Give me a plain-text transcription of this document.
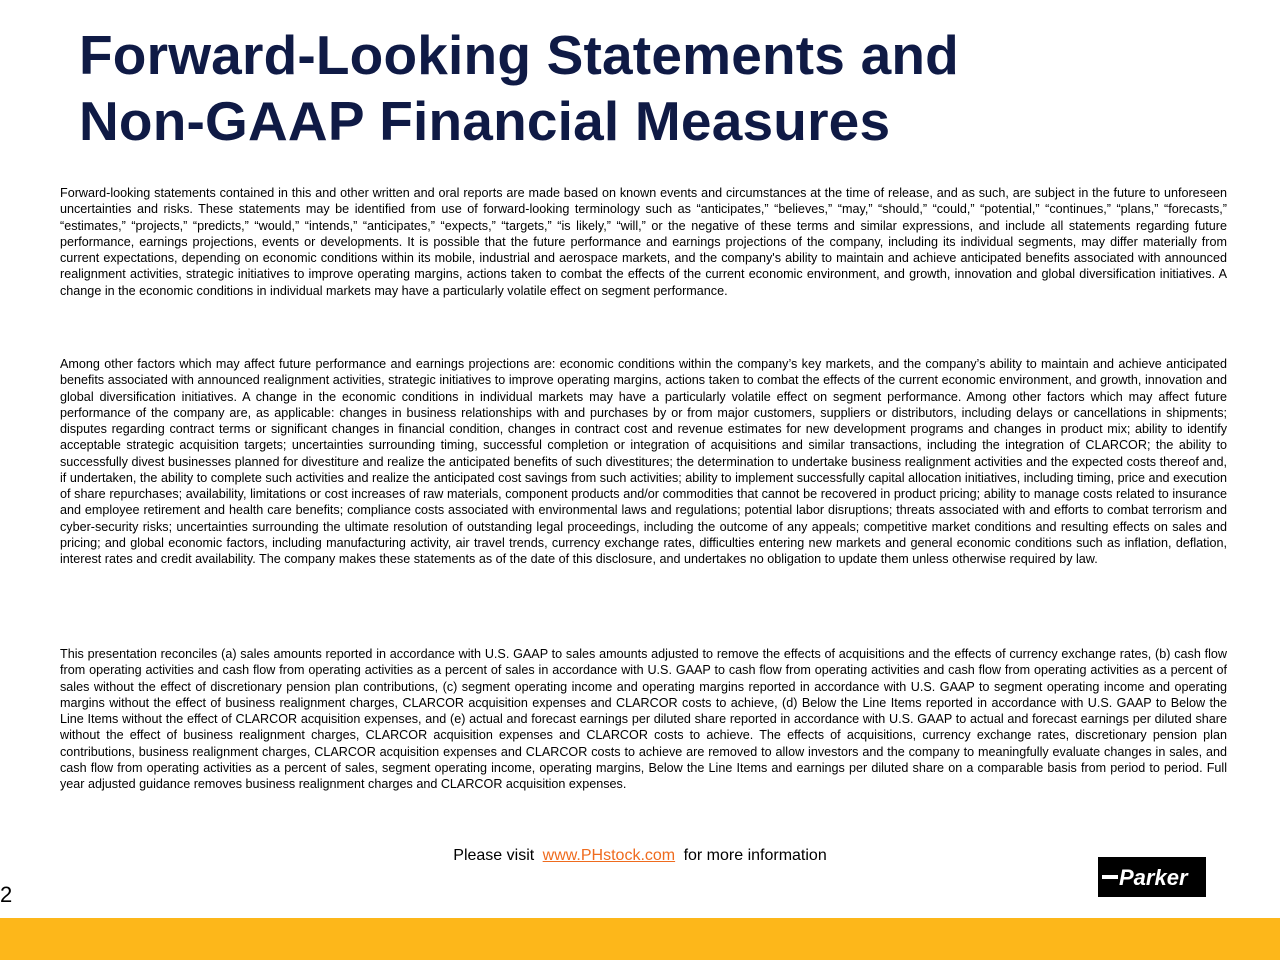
Forward-Looking Statements and
Non-GAAP Financial Measures

Forward-looking statements contained in this and other written and oral reports are made based on known events and circumstances at the time of release, and as such, are subject in the future to unforeseen uncertainties and risks. These statements may be identified from use of forward-looking terminology such as “anticipates,” “believes,” “may,” “should,” “could,” “potential,” “continues,” “plans,” “forecasts,” “estimates,” “projects,” “predicts,” “would,” “intends,” “anticipates,” “expects,” “targets,” “is likely,” “will,” or the negative of these terms and similar expressions, and include all statements regarding future performance, earnings projections, events or developments. It is possible that the future performance and earnings projections of the company, including its individual segments, may differ materially from current expectations, depending on economic conditions within its mobile, industrial and aerospace markets, and the company's ability to maintain and achieve anticipated benefits associated with announced realignment activities, strategic initiatives to improve operating margins, actions taken to combat the effects of the current economic environment, and growth, innovation and global diversification initiatives. A change in the economic conditions in individual markets may have a particularly volatile effect on segment performance.

Among other factors which may affect future performance and earnings projections are: economic conditions within the company’s key markets, and the company’s ability to maintain and achieve anticipated benefits associated with announced realignment activities, strategic initiatives to improve operating margins, actions taken to combat the effects of the current economic environment, and growth, innovation and global diversification initiatives. A change in the economic conditions in individual markets may have a particularly volatile effect on segment performance. Among other factors which may affect future performance of the company are, as applicable: changes in business relationships with and purchases by or from major customers, suppliers or distributors, including delays or cancellations in shipments; disputes regarding contract terms or significant changes in financial condition, changes in contract cost and revenue estimates for new development programs and changes in product mix; ability to identify acceptable strategic acquisition targets; uncertainties surrounding timing, successful completion or integration of acquisitions and similar transactions, including the integration of CLARCOR; the ability to successfully divest businesses planned for divestiture and realize the anticipated benefits of such divestitures; the determination to undertake business realignment activities and the expected costs thereof and, if undertaken, the ability to complete such activities and realize the anticipated cost savings from such activities; ability to implement successfully capital allocation initiatives, including timing, price and execution of share repurchases; availability, limitations or cost increases of raw materials, component products and/or commodities that cannot be recovered in product pricing; ability to manage costs related to insurance and employee retirement and health care benefits; compliance costs associated with environmental laws and regulations; potential labor disruptions; threats associated with and efforts to combat terrorism and cyber-security risks; uncertainties surrounding the ultimate resolution of outstanding legal proceedings, including the outcome of any appeals; competitive market conditions and resulting effects on sales and pricing; and global economic factors, including manufacturing activity, air travel trends, currency exchange rates, difficulties entering new markets and general economic conditions such as inflation, deflation, interest rates and credit availability. The company makes these statements as of the date of this disclosure, and undertakes no obligation to update them unless otherwise required by law.

This presentation reconciles (a) sales amounts reported in accordance with U.S. GAAP to sales amounts adjusted to remove the effects of acquisitions and the effects of currency exchange rates, (b) cash flow from operating activities and cash flow from operating activities as a percent of sales in accordance with U.S. GAAP to cash flow from operating activities and cash flow from operating activities as a percent of sales without the effect of discretionary pension plan contributions, (c) segment operating income and operating margins reported in accordance with U.S. GAAP to segment operating income and operating margins without the effect of business realignment charges, CLARCOR acquisition expenses and CLARCOR costs to achieve, (d) Below the Line Items reported in accordance with U.S. GAAP to Below the Line Items without the effect of CLARCOR acquisition expenses, and (e) actual and forecast earnings per diluted share reported in accordance with U.S. GAAP to actual and forecast earnings per diluted share without the effect of business realignment charges, CLARCOR acquisition expenses and CLARCOR costs to achieve. The effects of acquisitions, currency exchange rates, discretionary pension plan contributions, business realignment charges, CLARCOR acquisition expenses and CLARCOR costs to achieve are removed to allow investors and the company to meaningfully evaluate changes in sales, and cash flow from operating activities as a percent of sales, segment operating income, operating margins, Below the Line Items and earnings per diluted share on a comparable basis from period to period. Full year adjusted guidance removes business realignment charges and CLARCOR acquisition expenses.

Please visit www.PHstock.com for more information
2
Parker
